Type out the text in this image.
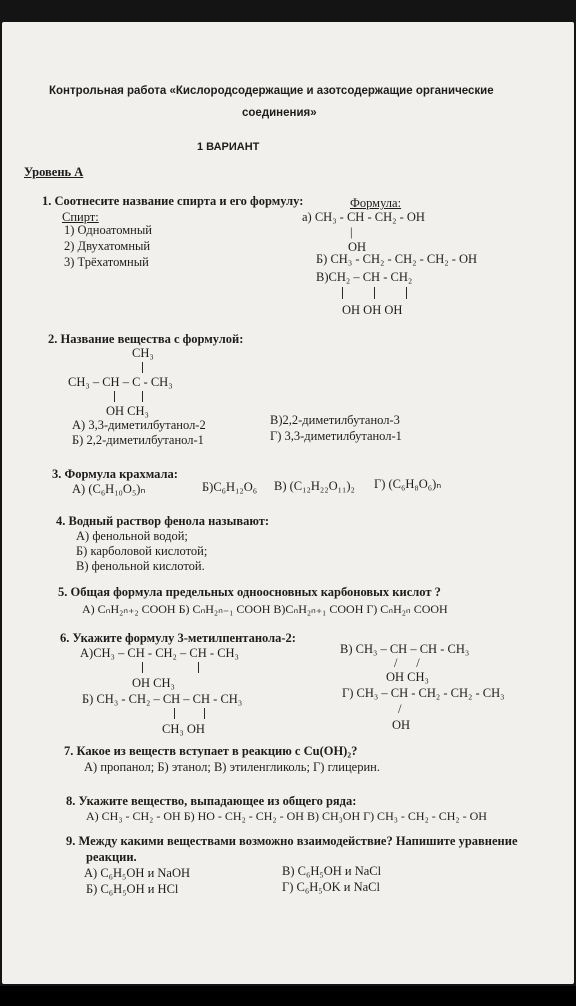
Контрольная работа «Кислородсодержащие и азотсодержащие органические
соединения»
1 ВАРИАНТ
Уровень А
1. Соотнесите название спирта и его формулу:
Спирт:
Формула:
1) Одноатомный
2) Двухатомный
3) Трёхатомный
а) CH₃ - CH - CH₂ - OH
|
OH
Б) CH₃ - CH₂ - CH₂ - CH₂ - OH
В)CH₂ – CH - CH₂
OH OH OH
2. Название вещества с формулой:
CH₃
CH₃ – CH – C - CH₃
OH CH₃
А) 3,3-диметилбутанол-2
Б) 2,2-диметилбутанол-1
В)2,2-диметилбутанол-3
Г) 3,3-диметилбутанол-1
3. Формула крахмала:
А) (C₆H₁₀O₅)ₙ	Б)C₆H₁₂O₆ В) (C₁₂H₂₂O₁₁)₂ Г) (C₆H₈O₆)ₙ
4. Водный раствор фенола называют:
А) фенольной водой;
Б) карболовой кислотой;
В) фенольной кислотой.
5. Общая формула предельных одноосновных карбоновых кислот ?
А) CₙH₂ₙ₊₂ COOH Б) CₙH₂ₙ₋₁ COOH В)CₙH₂ₙ₊₁ COOH Г) CₙH₂ₙ COOH
6. Укажите формулу 3-метилпентанола-2:
А)CH₃ – CH - CH₂ – CH - CH₃
OH CH₃
Б) CH₃ - CH₂ – CH – CH - CH₃
CH₃ OH
В) CH₃ – CH – CH - CH₃
/      /
OH CH₃
Г) CH₃ – CH - CH₂ - CH₂ - CH₃
/
OH
7. Какое из веществ вступает в реакцию с Cu(OH)₂?
А) пропанол; Б) этанол; В) этиленгликоль; Г) глицерин.
8. Укажите вещество, выпадающее из общего ряда:
А) CH₃ - CH₂ - OH Б) HO - CH₂ - CH₂ - OH В) CH₃OH Г) CH₃ - CH₂ - CH₂ - OH
9. Между какими веществами возможно взаимодействие? Напишите уравнение
реакции.
А) C₆H₅OH и NaOH
Б) C₆H₅OH и HCl
В) C₆H₅OH и NaCl
Г) C₆H₅OK и NaCl
